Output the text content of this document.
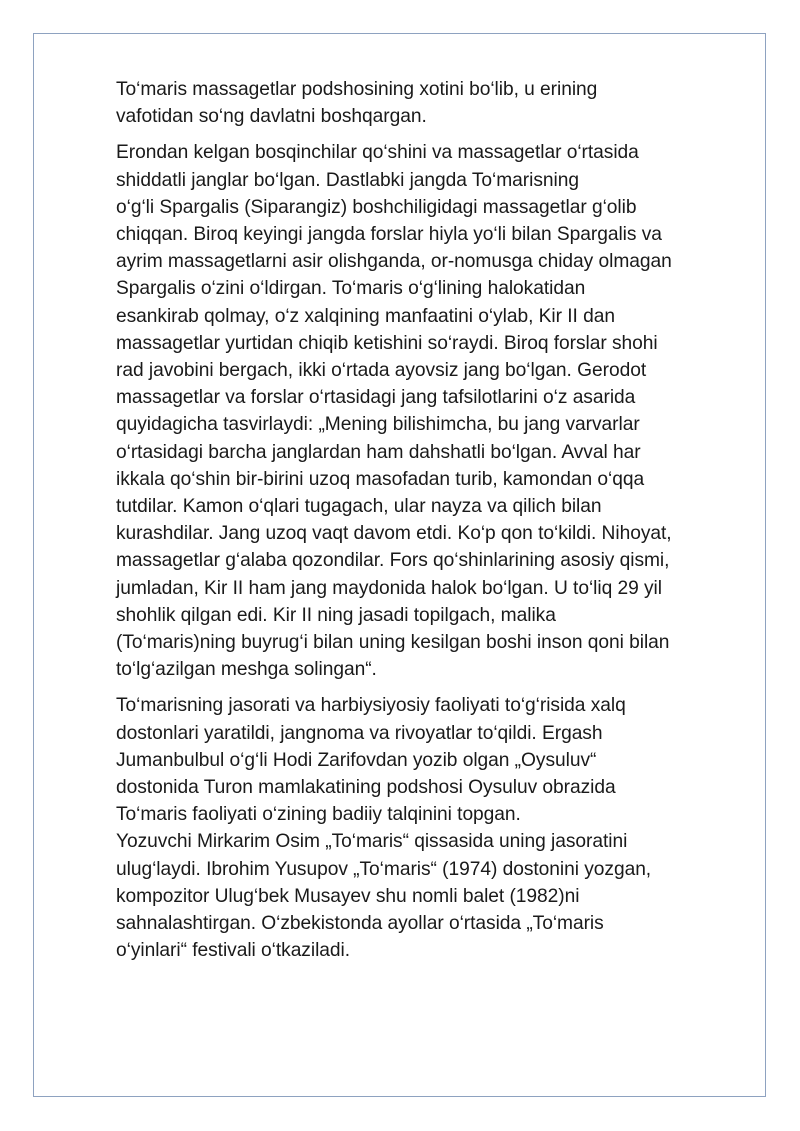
To‘maris massagetlar podshosining xotini bo‘lib, u erining
vafotidan so‘ng davlatni boshqargan.

Erondan kelgan bosqinchilar qo‘shini va massagetlar o‘rtasida
shiddatli janglar bo‘lgan. Dastlabki jangda To‘marisning
o‘g‘li Spargalis (Siparangiz) boshchiligidagi massagetlar g‘olib
chiqqan. Biroq keyingi jangda forslar hiyla yo‘li bilan Spargalis va
ayrim massagetlarni asir olishganda, or-nomusga chiday olmagan
Spargalis o‘zini o‘ldirgan. To‘maris o‘g‘lining halokatidan
esankirab qolmay, o‘z xalqining manfaatini o‘ylab, Kir II dan
massagetlar yurtidan chiqib ketishini so‘raydi. Biroq forslar shohi
rad javobini bergach, ikki o‘rtada ayovsiz jang bo‘lgan. Gerodot
massagetlar va forslar o‘rtasidagi jang tafsilotlarini o‘z asarida
quyidagicha tasvirlaydi: „Mening bilishimcha, bu jang varvarlar
o‘rtasidagi barcha janglardan ham dahshatli bo‘lgan. Avval har
ikkala qo‘shin bir-birini uzoq masofadan turib, kamondan o‘qqa
tutdilar. Kamon o‘qlari tugagach, ular nayza va qilich bilan
kurashdilar. Jang uzoq vaqt davom etdi. Ko‘p qon to‘kildi. Nihoyat,
massagetlar g‘alaba qozondilar. Fors qo‘shinlarining asosiy qismi,
jumladan, Kir II ham jang maydonida halok bo‘lgan. U to‘liq 29 yil
shohlik qilgan edi. Kir II ning jasadi topilgach, malika
(To‘maris)ning buyrug‘i bilan uning kesilgan boshi inson qoni bilan
to‘lg‘azilgan meshga solingan“.

To‘marisning jasorati va harbiysiyosiy faoliyati to‘g‘risida xalq
dostonlari yaratildi, jangnoma va rivoyatlar to‘qildi. Ergash
Jumanbulbul o‘g‘li Hodi Zarifovdan yozib olgan „Oysuluv“
dostonida Turon mamlakatining podshosi Oysuluv obrazida
To‘maris faoliyati o‘zining badiiy talqinini topgan.
Yozuvchi Mirkarim Osim „To‘maris“ qissasida uning jasoratini
ulug‘laydi. Ibrohim Yusupov „To‘maris“ (1974) dostonini yozgan,
kompozitor Ulug‘bek Musayev shu nomli balet (1982)ni
sahnalashtirgan. O‘zbekistonda ayollar o‘rtasida „To‘maris
o‘yinlari“ festivali o‘tkaziladi.
